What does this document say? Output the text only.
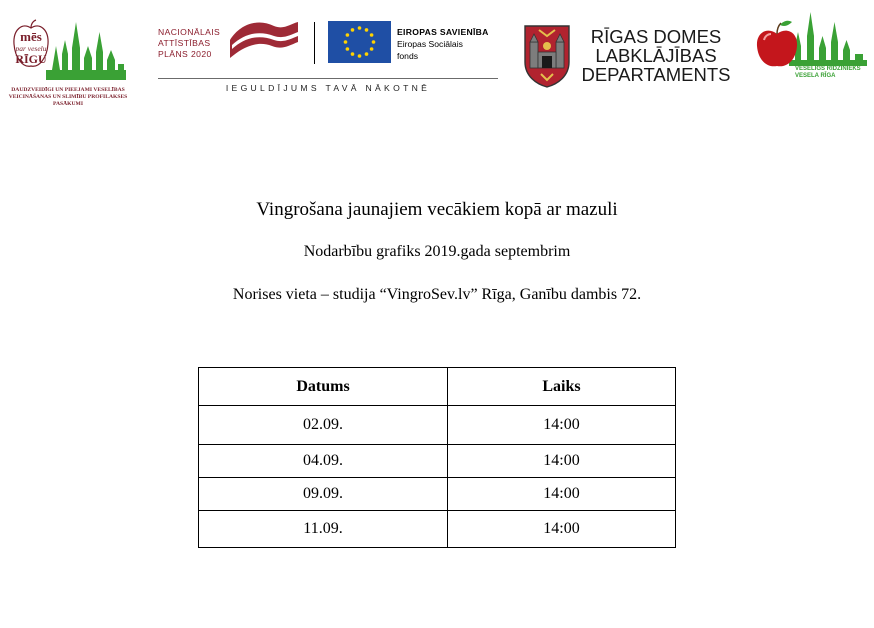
mēs
par veselu
RĪGU
DAUDZVEIDĪGI UN PIEEJAMI VESELĪBAS
VEICINĀŠANAS UN SLIMĪBU PROFILAKSES PASĀKUMI
NACIONĀLAIS
ATTĪSTĪBAS
PLĀNS 2020
EIROPAS SAVIENĪBA
Eiropas Sociālais
fonds
IEGULDĪJUMS TAVĀ NĀKOTNĒ
RĪGAS DOMES
LABKLĀJĪBAS
DEPARTAMENTS	VESELĪGS RĪDZINIEKS
VESELA RĪGA
Vingrošana jaunajiem vecākiem kopā ar mazuli
Nodarbību grafiks 2019.gada septembrim
Norises vieta – studija “VingroSev.lv” Rīga, Ganību dambis 72.
Datums	Laiks
02.09.	14:00
04.09.	14:00
09.09.	14:00
11.09.	14:00
